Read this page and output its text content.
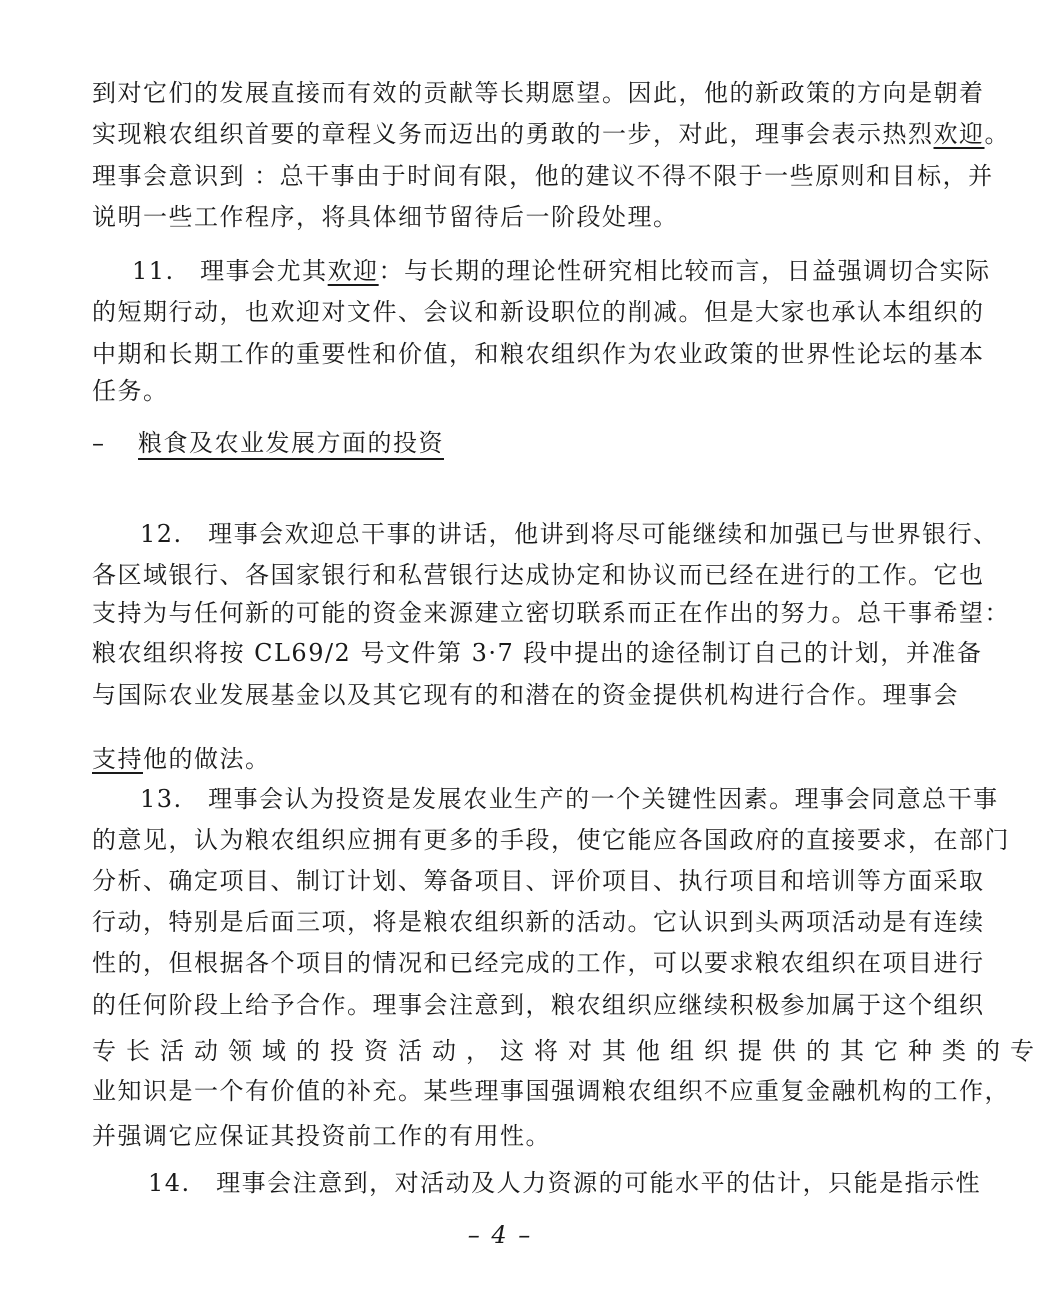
到对它们的发展直接而有效的贡献等长期愿望。因此，他的新政策的方向是朝着
实现粮农组织首要的章程义务而迈出的勇敢的一步，对此，理事会表示热烈欢迎。
理事会意识到 ：总干事由于时间有限，他的建议不得不限于一些原则和目标，并
说明一些工作程序，将具体细节留待后一阶段处理。
11.　理事会尤其欢迎：与长期的理论性研究相比较而言，日益强调切合实际
的短期行动，也欢迎对文件、会议和新设职位的削减。但是大家也承认本组织的
中期和长期工作的重要性和价值，和粮农组织作为农业政策的世界性论坛的基本
任务。
– 粮食及农业发展方面的投资
12.　理事会欢迎总干事的讲话，他讲到将尽可能继续和加强已与世界银行、
各区域银行、各国家银行和私营银行达成协定和协议而已经在进行的工作。它也
支持为与任何新的可能的资金来源建立密切联系而正在作出的努力。总干事希望：
粮农组织将按 CL69/2 号文件第 3·7 段中提出的途径制订自己的计划，并准备
与国际农业发展基金以及其它现有的和潜在的资金提供机构进行合作。理事会
支持他的做法。
13.　理事会认为投资是发展农业生产的一个关键性因素。理事会同意总干事
的意见，认为粮农组织应拥有更多的手段，使它能应各国政府的直接要求，在部门
分析、确定项目、制订计划、筹备项目、评价项目、执行项目和培训等方面采取
行动，特别是后面三项，将是粮农组织新的活动。它认识到头两项活动是有连续
性的，但根据各个项目的情况和已经完成的工作，可以要求粮农组织在项目进行
的任何阶段上给予合作。理事会注意到，粮农组织应继续积极参加属于这个组织
专长活动领域的投资活动，这将对其他组织提供的其它种类的专
业知识是一个有价值的补充。某些理事国强调粮农组织不应重复金融机构的工作，
并强调它应保证其投资前工作的有用性。
14.　理事会注意到，对活动及人力资源的可能水平的估计，只能是指示性
– 4 –
